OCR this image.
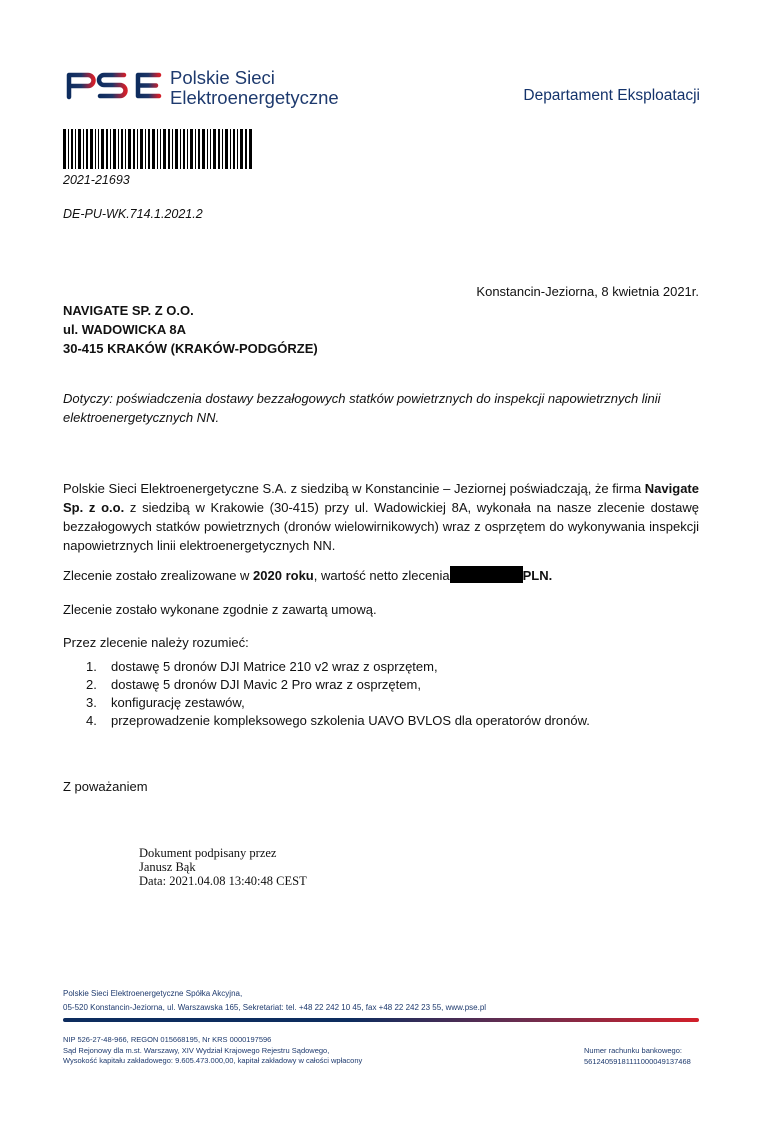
Polskie Sieci
Elektroenergetyczne	Departament Eksploatacji
2021-21693
DE-PU-WK.714.1.2021.2
Konstancin-Jeziorna, 8 kwietnia 2021r.
NAVIGATE SP. Z O.O.
ul. WADOWICKA 8A
30-415 KRAKÓW (KRAKÓW-PODGÓRZE)
Dotyczy: poświadczenia dostawy bezzałogowych statków powietrznych do inspekcji napowietrznych linii elektroenergetycznych NN.
Polskie Sieci Elektroenergetyczne S.A. z siedzibą w Konstancinie – Jeziornej poświadczają, że firma Navigate Sp. z o.o. z siedzibą w Krakowie (30-415) przy ul. Wadowickiej 8A, wykonała na nasze zlecenie dostawę bezzałogowych statków powietrznych (dronów wielowirnikowych) wraz z osprzętem do wykonywania inspekcji napowietrznych linii elektroenergetycznych NN.
Zlecenie zostało zrealizowane w 2020 roku, wartość netto zlecenia	PLN.
Zlecenie zostało wykonane zgodnie z zawartą umową.
Przez zlecenie należy rozumieć:
1.	dostawę 5 dronów DJI Matrice 210 v2 wraz z osprzętem,
2.	dostawę 5 dronów DJI Mavic 2 Pro wraz z osprzętem,
3.	konfigurację zestawów,
4.	przeprowadzenie kompleksowego szkolenia UAVO BVLOS dla operatorów dronów.
Z poważaniem
Dokument podpisany przez
Janusz Bąk
Data: 2021.04.08 13:40:48 CEST
Polskie Sieci Elektroenergetyczne Spółka Akcyjna,
05-520 Konstancin-Jeziorna, ul. Warszawska 165, Sekretariat: tel. +48 22 242 10 45, fax +48 22 242 23 55, www.pse.pl
NIP 526-27-48-966, REGON 015668195, Nr KRS 0000197596
Sąd Rejonowy dla m.st. Warszawy, XIV Wydział Krajowego Rejestru Sądowego,
Wysokość kapitału zakładowego: 9.605.473.000,00, kapitał zakładowy w całości wpłacony
Numer rachunku bankowego:
56124059181111000049137468
